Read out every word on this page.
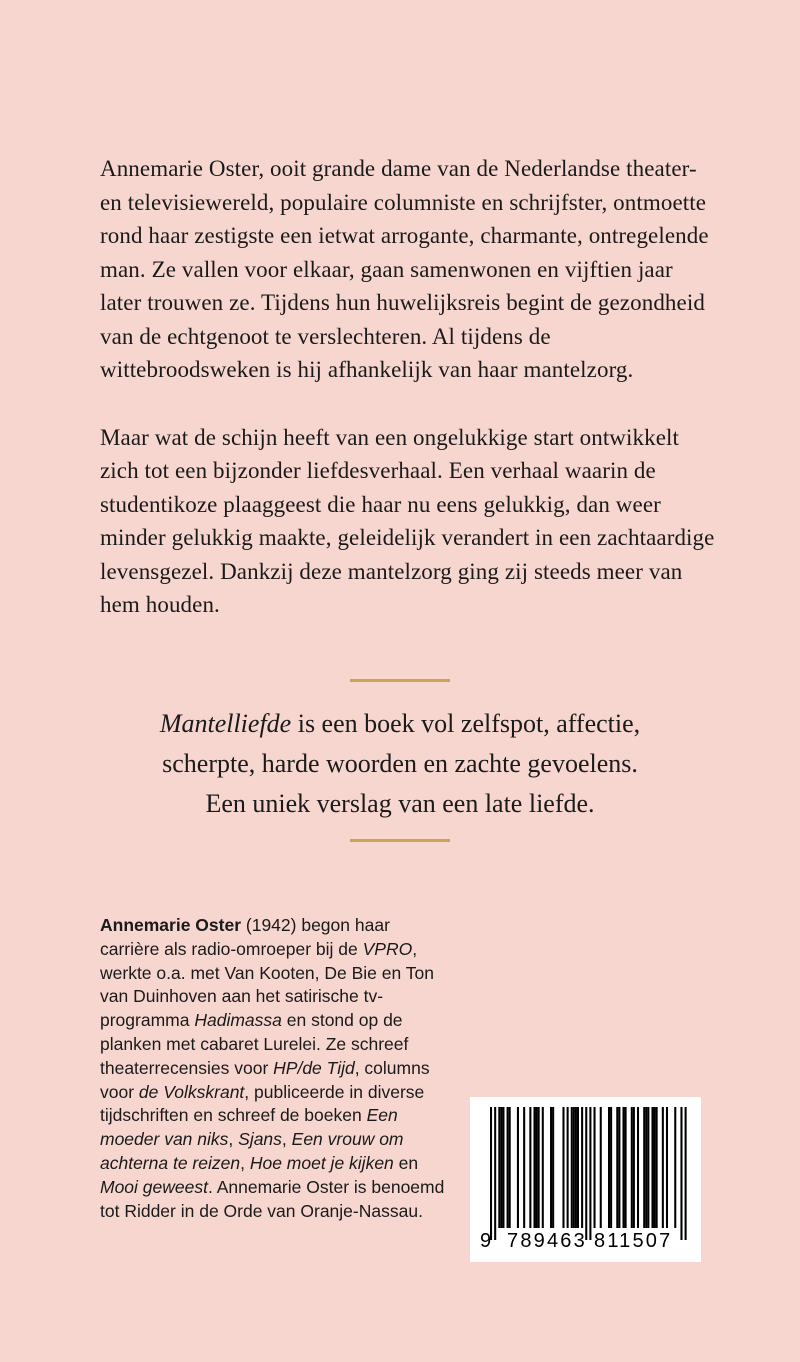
Annemarie Oster, ooit grande dame van de Nederlandse theater- en televisiewereld, populaire columniste en schrijfster, ontmoette rond haar zestigste een ietwat arrogante, charmante, ontregelende man. Ze vallen voor elkaar, gaan samenwonen en vijftien jaar later trouwen ze. Tijdens hun huwelijksreis begint de gezondheid van de echtgenoot te verslechteren. Al tijdens de wittebroodsweken is hij afhankelijk van haar mantelzorg.

Maar wat de schijn heeft van een ongelukkige start ontwikkelt zich tot een bijzonder liefdesverhaal. Een verhaal waarin de studentikoze plaaggeest die haar nu eens gelukkig, dan weer minder gelukkig maakte, geleidelijk verandert in een zachtaardige levensgezel. Dankzij deze mantelzorg ging zij steeds meer van hem houden.

Mantelliefde is een boek vol zelfspot, affectie,
scherpte, harde woorden en zachte gevoelens.
Een uniek verslag van een late liefde.
Annemarie Oster (1942) begon haar carrière als radio-omroeper bij de VPRO, werkte o.a. met Van Kooten, De Bie en Ton van Duinhoven aan het satirische tv-programma Hadimassa en stond op de planken met cabaret Lurelei. Ze schreef theaterrecensies voor HP/de Tijd, columns voor de Volkskrant, publiceerde in diverse tijdschriften en schreef de boeken Een moeder van niks, Sjans, Een vrouw om achterna te reizen, Hoe moet je kijken en Mooi geweest. Annemarie Oster is benoemd tot Ridder in de Orde van Oranje-Nassau.
9 789463 811507
